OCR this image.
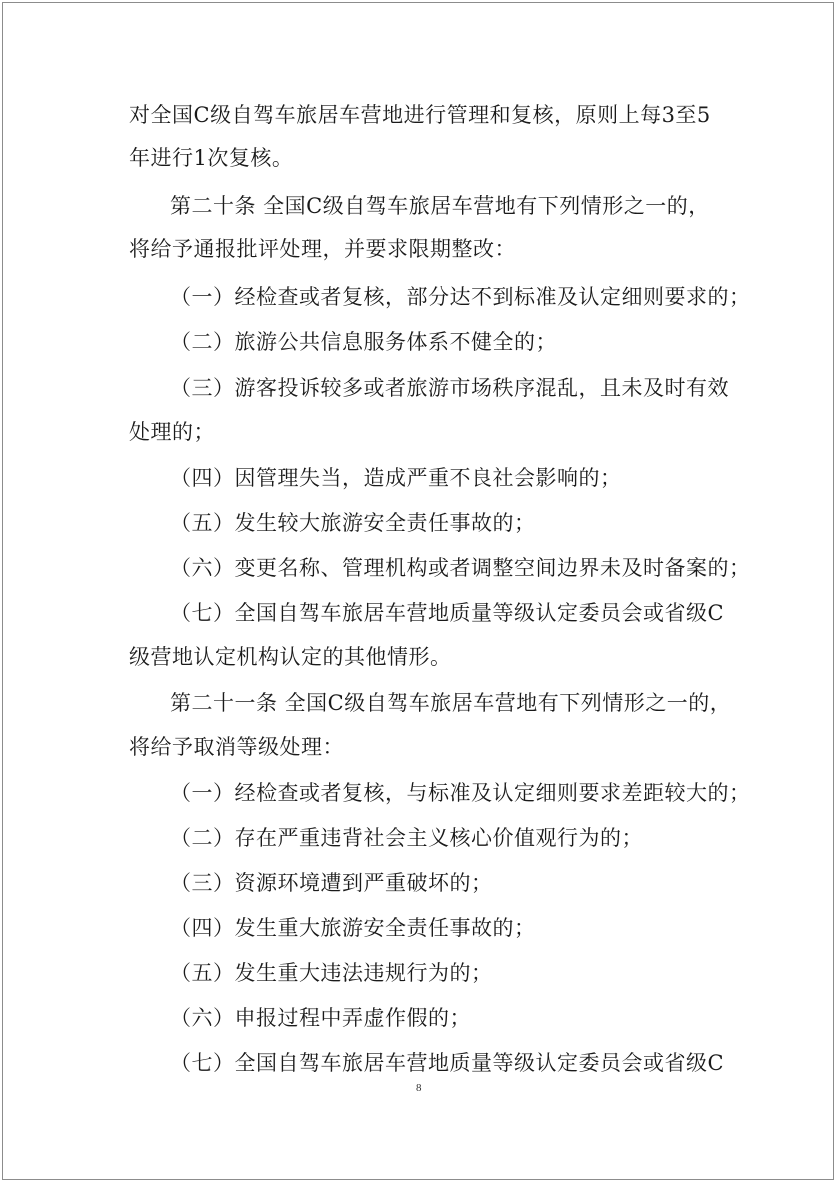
对全国C级自驾车旅居车营地进行管理和复核，原则上每3至5
年进行1次复核。
第二十条 全国C级自驾车旅居车营地有下列情形之一的，
将给予通报批评处理，并要求限期整改：
（一）经检查或者复核，部分达不到标准及认定细则要求的；
（二）旅游公共信息服务体系不健全的；
（三）游客投诉较多或者旅游市场秩序混乱，且未及时有效
处理的；
（四）因管理失当，造成严重不良社会影响的；
（五）发生较大旅游安全责任事故的；
（六）变更名称、管理机构或者调整空间边界未及时备案的；
（七）全国自驾车旅居车营地质量等级认定委员会或省级C
级营地认定机构认定的其他情形。
第二十一条 全国C级自驾车旅居车营地有下列情形之一的，
将给予取消等级处理：
（一）经检查或者复核，与标准及认定细则要求差距较大的；
（二）存在严重违背社会主义核心价值观行为的；
（三）资源环境遭到严重破坏的；
（四）发生重大旅游安全责任事故的；
（五）发生重大违法违规行为的；
（六）申报过程中弄虚作假的；
（七）全国自驾车旅居车营地质量等级认定委员会或省级C
8
